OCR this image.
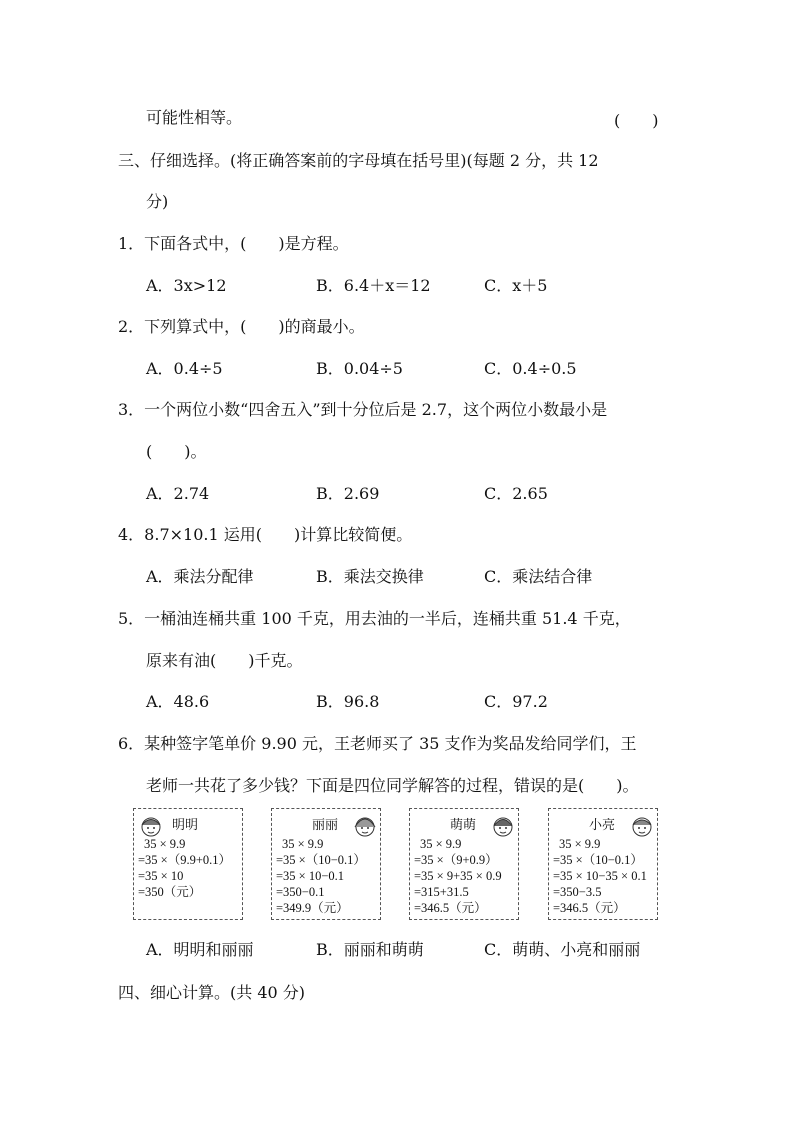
可能性相等。	(　　)
三、仔细选择。(将正确答案前的字母填在括号里)(每题 2 分，共 12
分)
1．下面各式中，(　　)是方程。
A．3x>12	B．6.4＋x＝12	C．x＋5
2．下列算式中，(　　)的商最小。
A．0.4÷5	B．0.04÷5	C．0.4÷0.5
3．一个两位小数“四舍五入”到十分位后是 2.7，这个两位小数最小是
(　　)。
A．2.74	B．2.69	C．2.65
4．8.7×10.1 运用(　　)计算比较简便。
A．乘法分配律	B．乘法交换律	C．乘法结合律
5．一桶油连桶共重 100 千克，用去油的一半后，连桶共重 51.4 千克，
原来有油(　　)千克。
A．48.6	B．96.8	C．97.2
6．某种签字笔单价 9.90 元，王老师买了 35 支作为奖品发给同学们，王
老师一共花了多少钱？下面是四位同学解答的过程，错误的是(　　)。
明明
35 × 9.9
=35 ×（9.9+0.1）
=35 × 10
=350（元）
丽丽
35 × 9.9
=35 ×（10−0.1）
=35 × 10−0.1
=350−0.1
=349.9（元）
萌萌
35 × 9.9
=35 ×（9+0.9）
=35 × 9+35 × 0.9
=315+31.5
=346.5（元）
小亮
35 × 9.9
=35 ×（10−0.1）
=35 × 10−35 × 0.1
=350−3.5
=346.5（元）
A．明明和丽丽	B．丽丽和萌萌	C．萌萌、小亮和丽丽
四、细心计算。(共 40 分)
